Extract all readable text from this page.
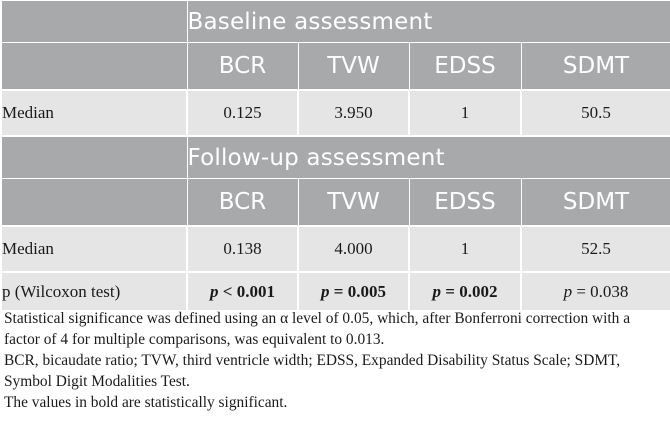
	Baseline assessment			
	BCR	TVW	EDSS	SDMT
Median	0.125	3.950	1	50.5
	Follow-up assessment			
	BCR	TVW	EDSS	SDMT
Median	0.138	4.000	1	52.5
p (Wilcoxon test)	p < 0.001	p = 0.005	p = 0.002	p = 0.038

Statistical significance was defined using an α level of 0.05, which, after Bonferroni correction with a factor of 4 for multiple comparisons, was equivalent to 0.013.

BCR, bicaudate ratio; TVW, third ventricle width; EDSS, Expanded Disability Status Scale; SDMT, Symbol Digit Modalities Test.

The values in bold are statistically significant.
